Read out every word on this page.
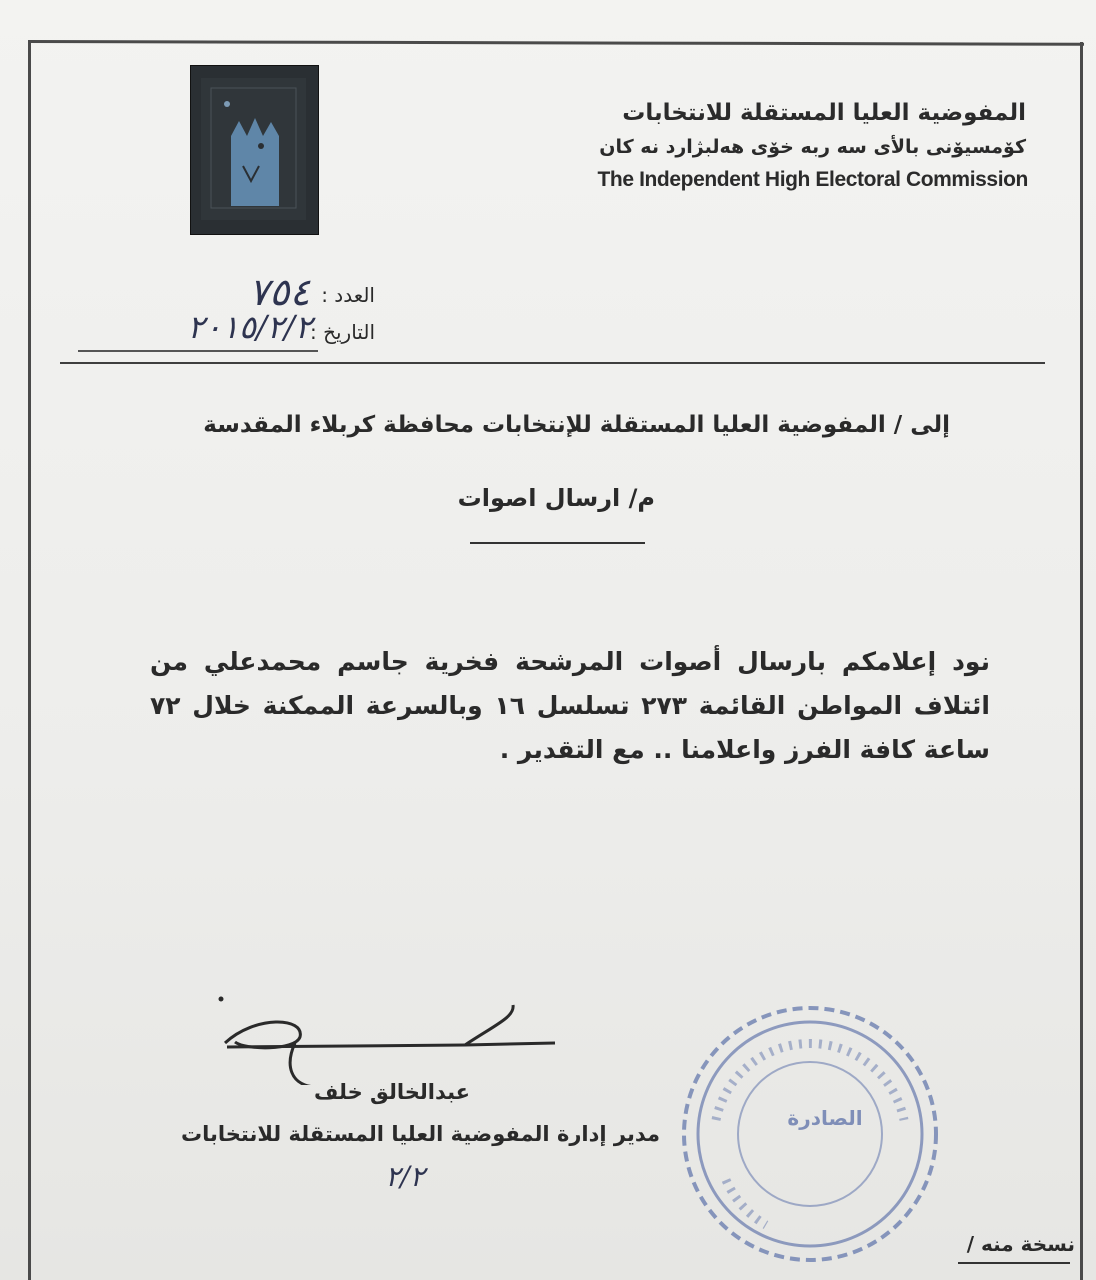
المفوضية العليا المستقلة للانتخابات
كۆمسيۆنی بالأى سه ربه خۆی هه‌لبژارد نه كان
The Independent High Electoral Commission
العدد :
٧٥٤
التاريخ :
٢٠١٥/٢/٢
إلى / المفوضية العليا المستقلة للإنتخابات محافظة كربلاء المقدسة
م/ ارسال اصوات
نود إعلامكم بارسال أصوات المرشحة فخرية جاسم محمدعلي من ائتلاف المواطن القائمة ٢٧٣ تسلسل ١٦ وبالسرعة الممكنة خلال ٧٢ ساعة كافة الفرز واعلامنا .. مع التقدير .
عبدالخالق خلف
مدير إدارة المفوضية العليا المستقلة للانتخابات
٢/٢
الصادرة
نسخة منه /
